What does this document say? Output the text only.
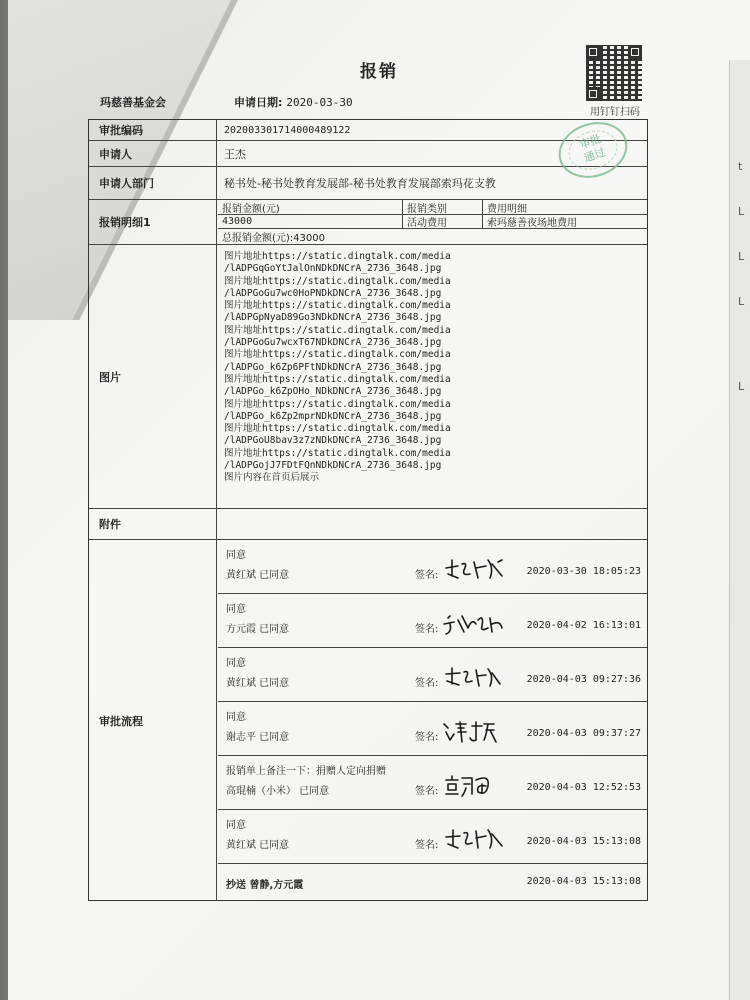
t
L
L
L
L
报销
玛慈善基金会	申请日期: 2020-03-30
用钉钉扫码
审批编码	202003301714000489122
申请人	王杰
申请人部门	秘书处-秘书处教育发展部-秘书处教育发展部索玛花支教
报销明细1
报销金额(元)	报销类别	费用明细
43000	活动费用	索玛慈善夜场地费用
总报销金额(元):43000
图片
图片地址https://static.dingtalk.com/media
/lADPGqGoYtJalOnNDkDNCrA_2736_3648.jpg
图片地址https://static.dingtalk.com/media
/lADPGoGu7wc0HoPNDkDNCrA_2736_3648.jpg
图片地址https://static.dingtalk.com/media
/lADPGpNyaD89Go3NDkDNCrA_2736_3648.jpg
图片地址https://static.dingtalk.com/media
/lADPGoGu7wcxT67NDkDNCrA_2736_3648.jpg
图片地址https://static.dingtalk.com/media
/lADPGo_k6Zp6PFtNDkDNCrA_2736_3648.jpg
图片地址https://static.dingtalk.com/media
/lADPGo_k6ZpOHo_NDkDNCrA_2736_3648.jpg
图片地址https://static.dingtalk.com/media
/lADPGo_k6Zp2mprNDkDNCrA_2736_3648.jpg
图片地址https://static.dingtalk.com/media
/lADPGoU8bav3z7zNDkDNCrA_2736_3648.jpg
图片地址https://static.dingtalk.com/media
/lADPGojJ7FDtFQnNDkDNCrA_2736_3648.jpg
图片内容在首页后展示
附件
审批流程
同意
黄红斌 已同意	签名:	2020-03-30 18:05:23
同意
方元霞 已同意	签名:	2020-04-02 16:13:01
同意
黄红斌 已同意	签名:	2020-04-03 09:27:36
同意
谢志平 已同意	签名:	2020-04-03 09:37:27
报销单上备注一下：捐赠人定向捐赠
高琨楠（小米） 已同意	签名:	2020-04-03 12:52:53
同意
黄红斌 已同意	签名:	2020-04-03 15:13:08
抄送 曾静,方元霞	2020-04-03 15:13:08
审批
通过
